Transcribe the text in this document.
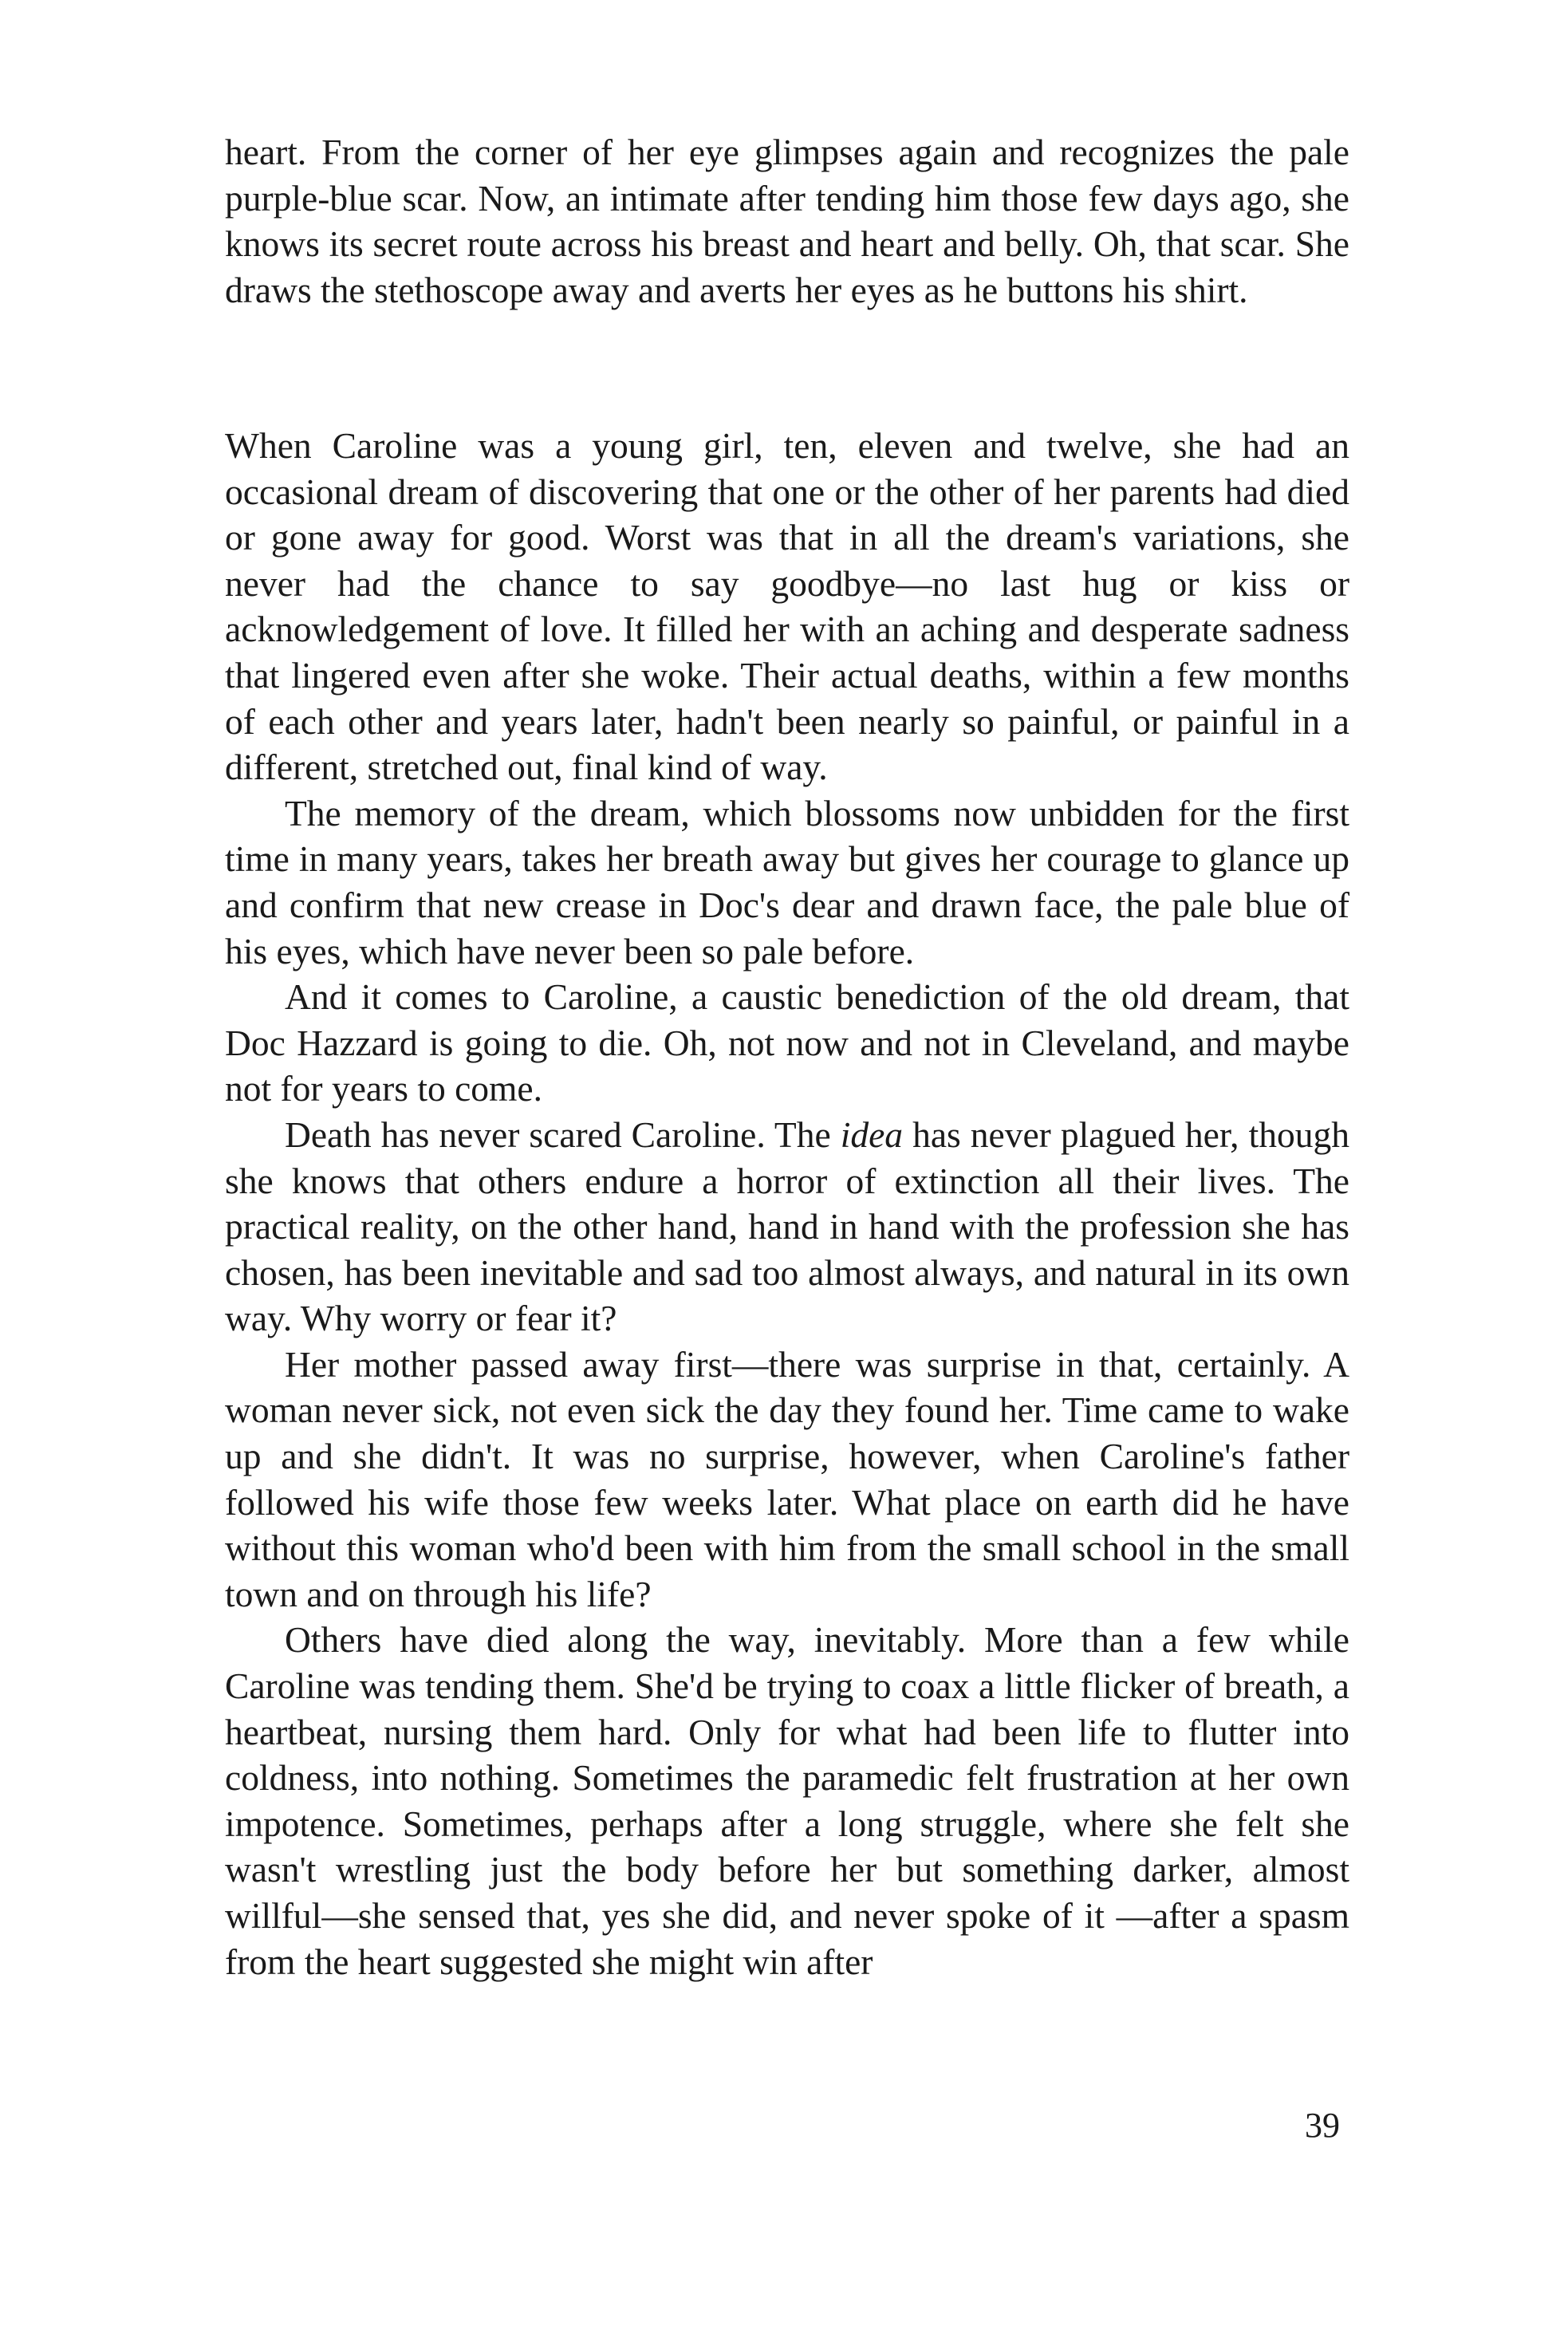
heart. From the corner of her eye glimpses again and recognizes the pale purple-blue scar. Now, an intimate after tending him those few days ago, she knows its secret route across his breast and heart and belly. Oh, that scar. She draws the stethoscope away and averts her eyes as he buttons his shirt.

When Caroline was a young girl, ten, eleven and twelve, she had an occasional dream of discovering that one or the other of her parents had died or gone away for good. Worst was that in all the dream's variations, she never had the chance to say goodbye—no last hug or kiss or acknowledgement of love. It filled her with an aching and desperate sadness that lingered even after she woke. Their actual deaths, within a few months of each other and years later, hadn't been nearly so painful, or painful in a different, stretched out, final kind of way.

The memory of the dream, which blossoms now unbidden for the first time in many years, takes her breath away but gives her courage to glance up and confirm that new crease in Doc's dear and drawn face, the pale blue of his eyes, which have never been so pale before.

And it comes to Caroline, a caustic benediction of the old dream, that Doc Hazzard is going to die. Oh, not now and not in Cleveland, and maybe not for years to come.

Death has never scared Caroline. The idea has never plagued her, though she knows that others endure a horror of extinction all their lives. The practical reality, on the other hand, hand in hand with the profession she has chosen, has been inevitable and sad too almost always, and natural in its own way. Why worry or fear it?

Her mother passed away first—there was surprise in that, certainly. A woman never sick, not even sick the day they found her. Time came to wake up and she didn't. It was no surprise, however, when Caroline's father followed his wife those few weeks later. What place on earth did he have without this woman who'd been with him from the small school in the small town and on through his life?

Others have died along the way, inevitably. More than a few while Caroline was tending them. She'd be trying to coax a little flicker of breath, a heartbeat, nursing them hard. Only for what had been life to flutter into coldness, into nothing. Sometimes the paramedic felt frustration at her own impotence. Sometimes, perhaps after a long struggle, where she felt she wasn't wrestling just the body before her but something darker, almost willful—she sensed that, yes she did, and never spoke of it —after a spasm from the heart suggested she might win after

39
